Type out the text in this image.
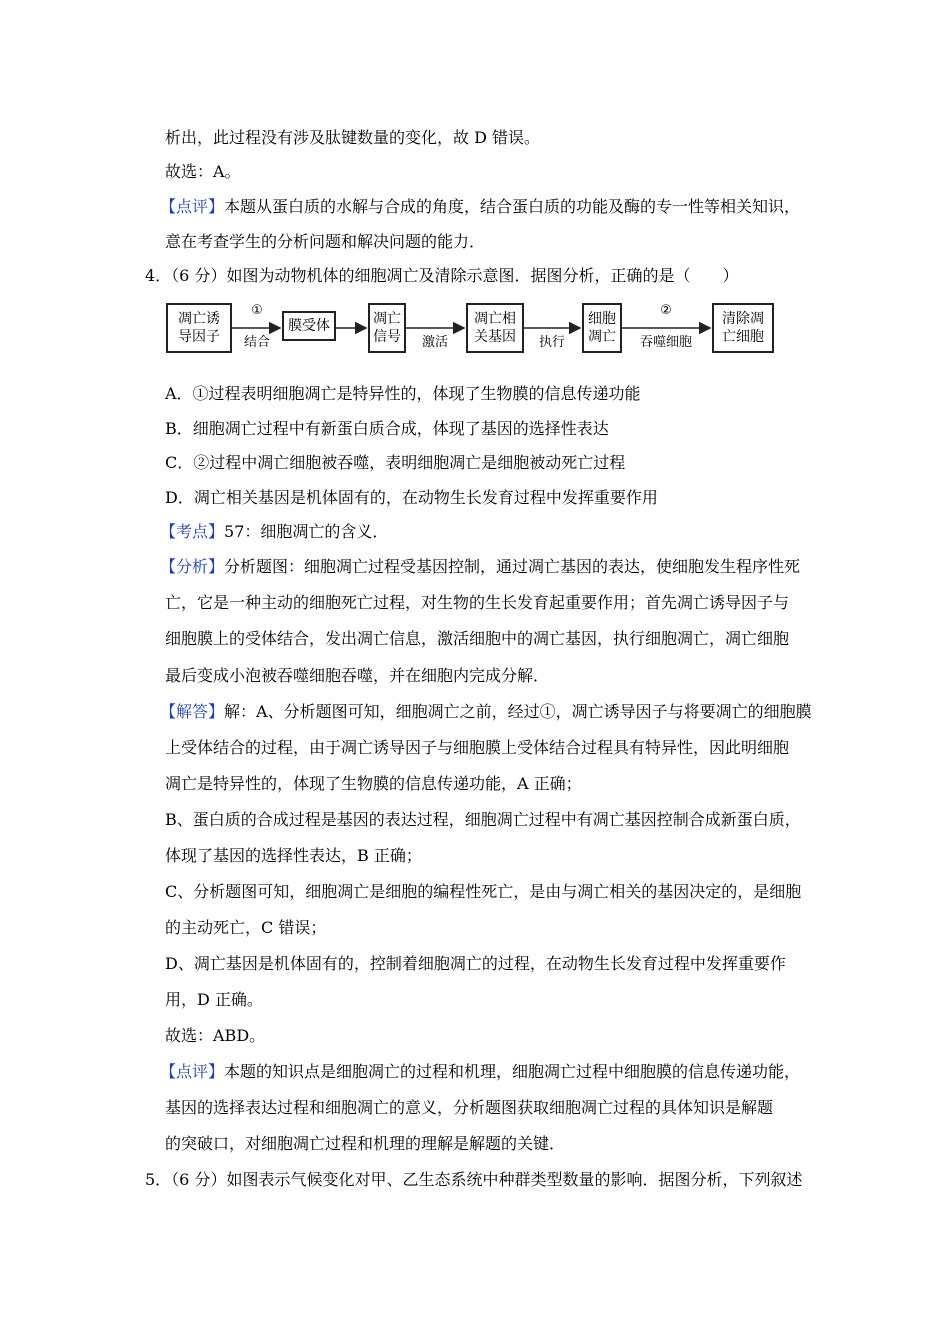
析出，此过程没有涉及肽键数量的变化，故 D 错误。
故选：A。
【点评】本题从蛋白质的水解与合成的角度，结合蛋白质的功能及酶的专一性等相关知识，
意在考查学生的分析问题和解决问题的能力．
4．（6 分）如图为动物机体的细胞凋亡及清除示意图．据图分析，正确的是（　　）
凋亡诱
导因子
①
结合
膜受体	凋亡
信号	激活
凋亡相
关基因	执行
细胞
凋亡
②
吞噬细胞
清除凋
亡细胞
A．①过程表明细胞凋亡是特异性的，体现了生物膜的信息传递功能
B．细胞凋亡过程中有新蛋白质合成，体现了基因的选择性表达
C．②过程中凋亡细胞被吞噬，表明细胞凋亡是细胞被动死亡过程
D．凋亡相关基因是机体固有的，在动物生长发育过程中发挥重要作用
【考点】57：细胞凋亡的含义．
【分析】分析题图：细胞凋亡过程受基因控制，通过凋亡基因的表达，使细胞发生程序性死
亡，它是一种主动的细胞死亡过程，对生物的生长发育起重要作用；首先凋亡诱导因子与
细胞膜上的受体结合，发出凋亡信息，激活细胞中的凋亡基因，执行细胞凋亡，凋亡细胞
最后变成小泡被吞噬细胞吞噬，并在细胞内完成分解．
【解答】解：A、分析题图可知，细胞凋亡之前，经过①，凋亡诱导因子与将要凋亡的细胞膜
上受体结合的过程，由于凋亡诱导因子与细胞膜上受体结合过程具有特异性，因此明细胞
凋亡是特异性的，体现了生物膜的信息传递功能，A 正确；
B、蛋白质的合成过程是基因的表达过程，细胞凋亡过程中有凋亡基因控制合成新蛋白质，
体现了基因的选择性表达，B 正确；
C、分析题图可知，细胞凋亡是细胞的编程性死亡，是由与凋亡相关的基因决定的，是细胞
的主动死亡，C 错误；
D、凋亡基因是机体固有的，控制着细胞凋亡的过程，在动物生长发育过程中发挥重要作
用，D 正确。
故选：ABD。
【点评】本题的知识点是细胞凋亡的过程和机理，细胞凋亡过程中细胞膜的信息传递功能，
基因的选择表达过程和细胞凋亡的意义，分析题图获取细胞凋亡过程的具体知识是解题
的突破口，对细胞凋亡过程和机理的理解是解题的关键．
5．（6 分）如图表示气候变化对甲、乙生态系统中种群类型数量的影响．据图分析，下列叙述
